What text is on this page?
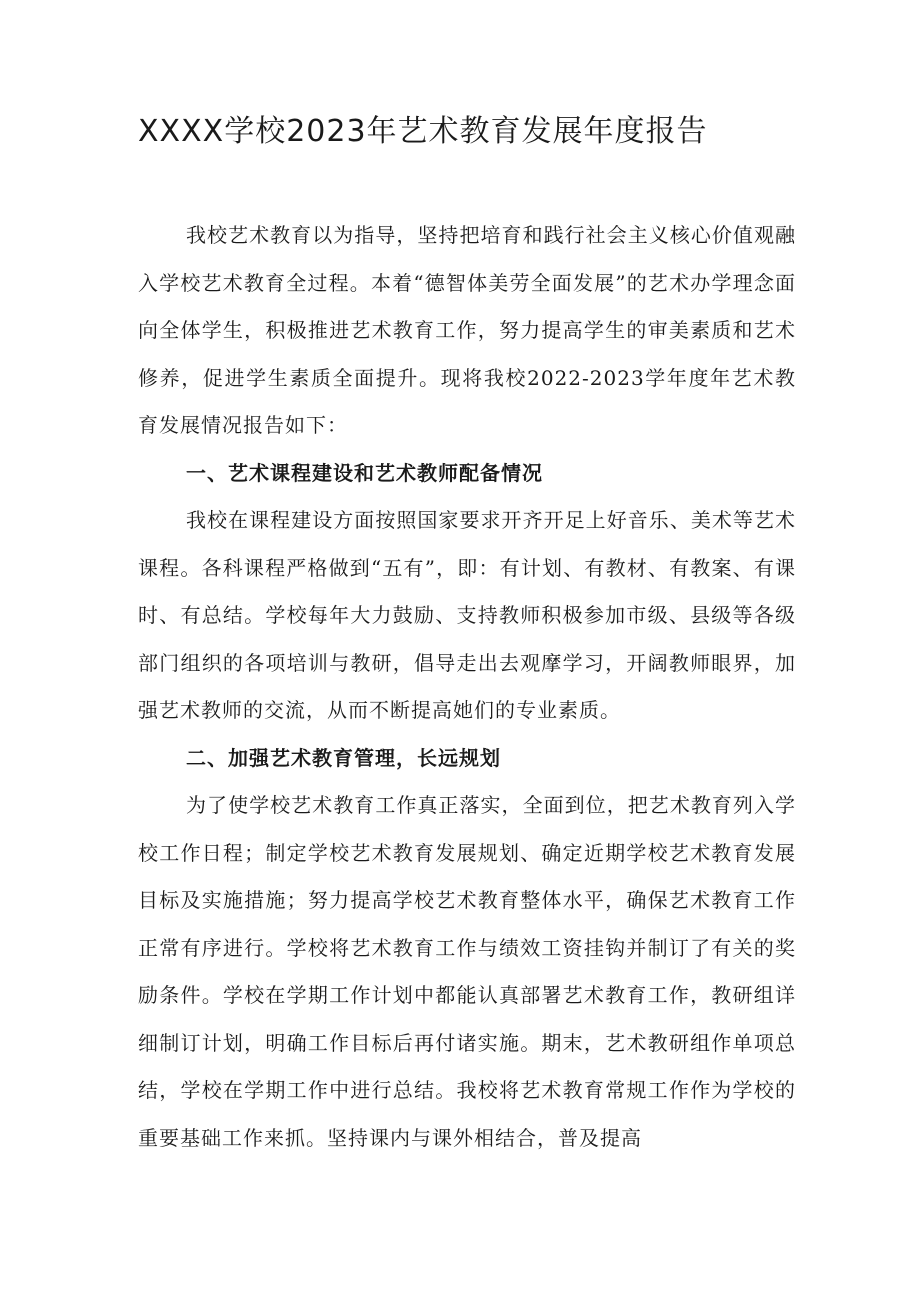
XXXX学校2023年艺术教育发展年度报告

我校艺术教育以为指导，坚持把培育和践行社会主义核心价值观融入学校艺术教育全过程。本着“德智体美劳全面发展”的艺术办学理念面向全体学生，积极推进艺术教育工作，努力提高学生的审美素质和艺术修养，促进学生素质全面提升。现将我校2022-2023学年度年艺术教育发展情况报告如下：

一、艺术课程建设和艺术教师配备情况

我校在课程建设方面按照国家要求开齐开足上好音乐、美术等艺术课程。各科课程严格做到“五有”，即：有计划、有教材、有教案、有课时、有总结。学校每年大力鼓励、支持教师积极参加市级、县级等各级部门组织的各项培训与教研，倡导走出去观摩学习，开阔教师眼界，加强艺术教师的交流，从而不断提高她们的专业素质。

二、加强艺术教育管理，长远规划

为了使学校艺术教育工作真正落实，全面到位，把艺术教育列入学校工作日程；制定学校艺术教育发展规划、确定近期学校艺术教育发展目标及实施措施；努力提高学校艺术教育整体水平，确保艺术教育工作正常有序进行。学校将艺术教育工作与绩效工资挂钩并制订了有关的奖励条件。学校在学期工作计划中都能认真部署艺术教育工作，教研组详细制订计划，明确工作目标后再付诸实施。期末，艺术教研组作单项总结，学校在学期工作中进行总结。我校将艺术教育常规工作作为学校的重要基础工作来抓。坚持课内与课外相结合，普及提高
